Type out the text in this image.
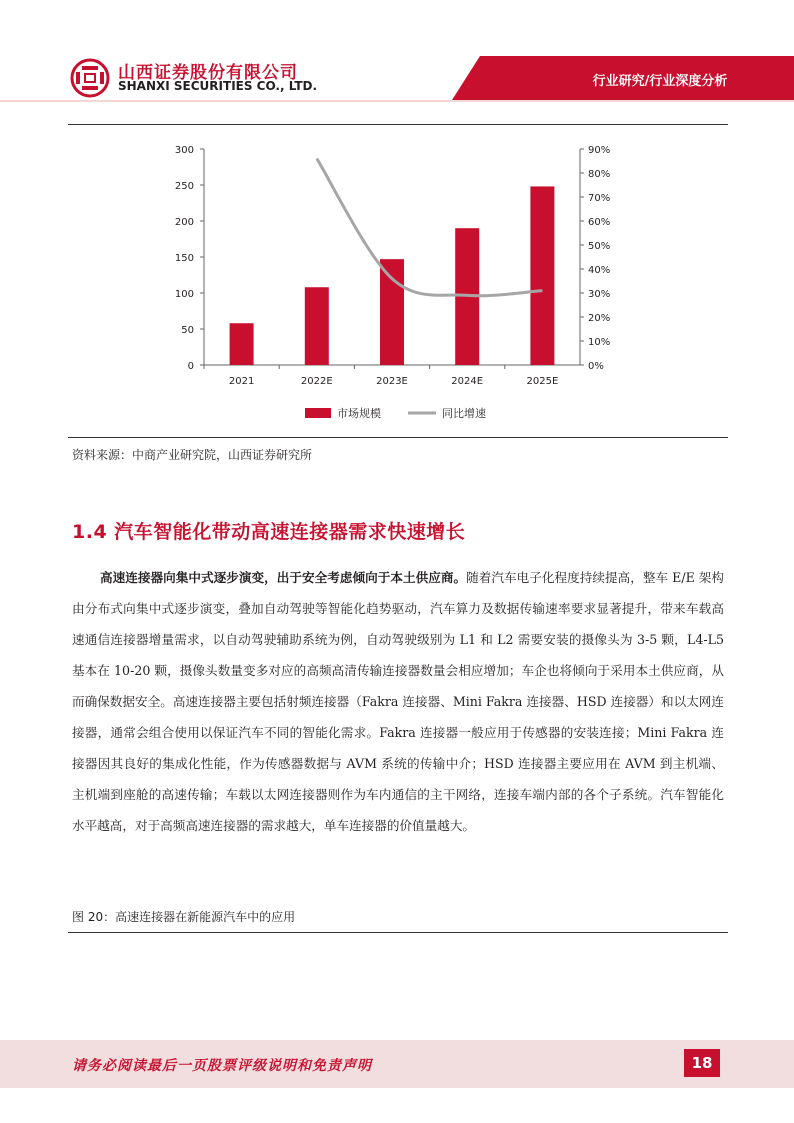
山西证券股份有限公司
SHANXI SECURITIES CO., LTD.	行业研究/行业深度分析
0
50
100
150
200
250
300
0%
10%
20%
30%
40%
50%
60%
70%
80%
90%
2021	2022E	2023E	2024E	2025E
市场规模	同比增速
资料来源：中商产业研究院，山西证券研究所
1.4 汽车智能化带动高速连接器需求快速增长
高速连接器向集中式逐步演变，出于安全考虑倾向于本土供应商。随着汽车电子化程度持续提高，整车 E/E 架构由分布式向集中式逐步演变，叠加自动驾驶等智能化趋势驱动，汽车算力及数据传输速率要求显著提升，带来车载高速通信连接器增量需求，以自动驾驶辅助系统为例，自动驾驶级别为 L1 和 L2 需要安装的摄像头为 3-5 颗，L4-L5 基本在 10-20 颗，摄像头数量变多对应的高频高清传输连接器数量会相应增加；车企也将倾向于采用本土供应商，从而确保数据安全。高速连接器主要包括射频连接器（Fakra 连接器、Mini Fakra 连接器、HSD 连接器）和以太网连接器，通常会组合使用以保证汽车不同的智能化需求。Fakra 连接器一般应用于传感器的安装连接；Mini Fakra 连接器因其良好的集成化性能，作为传感器数据与 AVM 系统的传输中介；HSD 连接器主要应用在 AVM 到主机端、主机端到座舱的高速传输；车载以太网连接器则作为车内通信的主干网络，连接车端内部的各个子系统。汽车智能化水平越高，对于高频高速连接器的需求越大，单车连接器的价值量越大。
图 20：高速连接器在新能源汽车中的应用
请务必阅读最后一页股票评级说明和免责声明	18
